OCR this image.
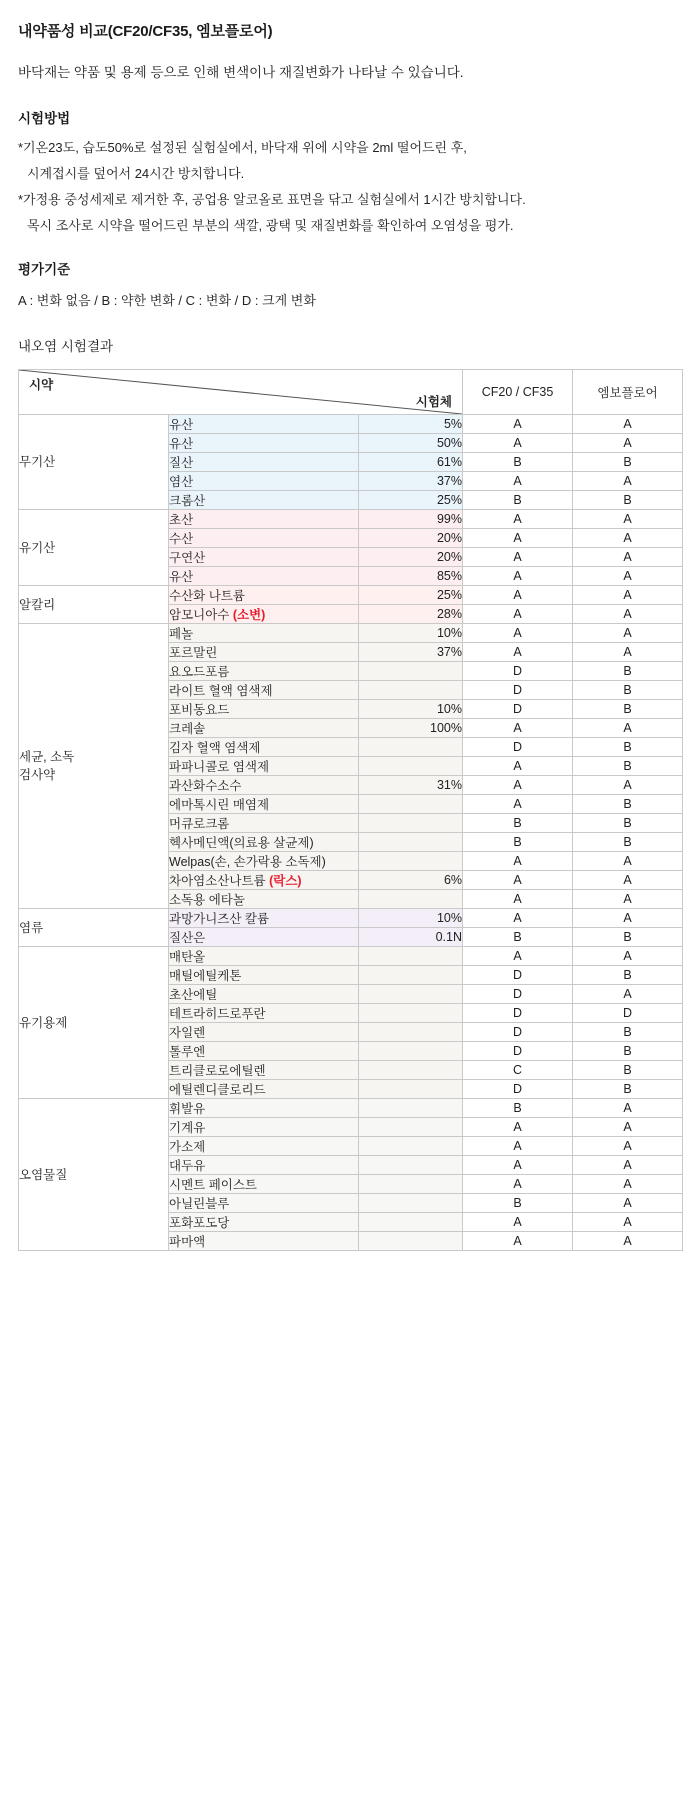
내약품성 비교(CF20/CF35, 엠보플로어)
바닥재는 약품 및 용제 등으로 인해 변색이나 재질변화가 나타날 수 있습니다.
시험방법
*기온23도, 습도50%로 설정된 실험실에서, 바닥재 위에 시약을 2ml 떨어드린 후,
시계접시를 덮어서 24시간 방치합니다.
*가정용 중성세제로 제거한 후, 공업용 알코올로 표면을 닦고 실험실에서 1시간 방치합니다.
목시 조사로 시약을 떨어드린 부분의 색깔, 광택 및 재질변화를 확인하여 오염성을 평가.
평가기준
A : 변화 없음 / B : 약한 변화 / C : 변화 / D : 크게 변화
내오염 시험결과
시약
시험체			CF20 / CF35	엠보플로어
무기산	유산	5%	A	A
	유산	50%	A	A
	질산	61%	B	B
	염산	37%	A	A
	크롬산	25%	B	B
유기산	초산	99%	A	A
	수산	20%	A	A
	구연산	20%	A	A
	유산	85%	A	A
알칼리	수산화 나트륨	25%	A	A
	암모니아수 (소변)	28%	A	A
세균, 소독
검사약	페놀	10%	A	A
	포르말린	37%	A	A
	요오드포름		D	B
	라이트 혈액 염색제		D	B
	포비동요드	10%	D	B
	크레솔	100%	A	A
	김자 혈액 염색제		D	B
	파파니콜로 염색제		A	B
	과산화수소수	31%	A	A
	에마톡시린 매염제		A	B
	머큐로크롬		B	B
	헥사메딘액(의료용 살균제)		B	B
	Welpas(손, 손가락용 소독제)		A	A
	차아염소산나트륨 (락스)	6%	A	A
	소독용 에타놀		A	A
염류	과망가니즈산 칼륨	10%	A	A
	질산은	0.1N	B	B
유기용제	매탄올		A	A
	매틸에틸케톤		D	B
	초산에틸		D	A
	테트라히드로푸란		D	D
	자일렌		D	B
	톨루엔		D	B
	트리클로로에틸렌		C	B
	에틸렌디클로리드		D	B
오염물질	휘발유		B	A
	기계유		A	A
	가소제		A	A
	대두유		A	A
	시멘트 페이스트		A	A
	아닐린블루		B	A
	포화포도당		A	A
	파마액		A	A
